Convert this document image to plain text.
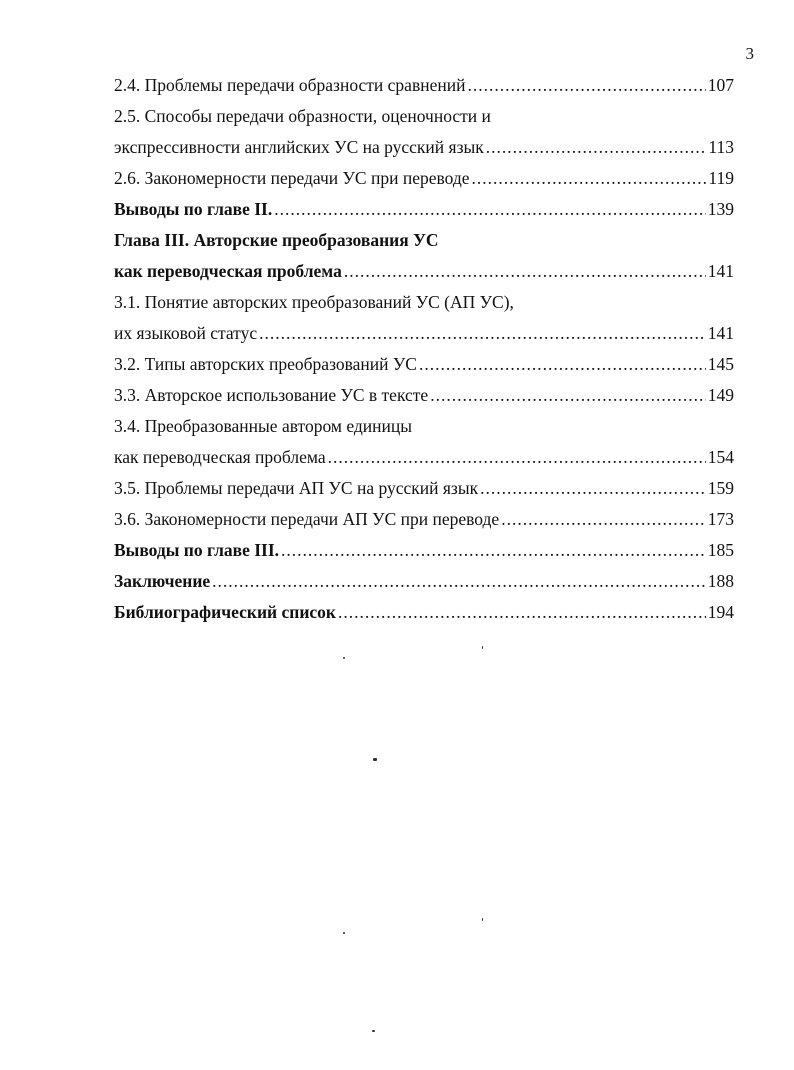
3
2.4. Проблемы передачи образности сравнений .....	107
2.5. Способы передачи образности, оценочности и
экспрессивности английских УС на русский язык .....	113
2.6. Закономерности передачи УС при переводе .....	119
Выводы по главе II. .....	139
Глава III. Авторские преобразования УС
как переводческая проблема .....	141
3.1. Понятие авторских преобразований УС (АП УС),
их языковой статус .....	141
3.2. Типы авторских преобразований УС .....	145
3.3. Авторское использование УС в тексте .....	149
3.4. Преобразованные автором единицы
как переводческая проблема .....	154
3.5. Проблемы передачи АП УС на русский язык .....	159
3.6. Закономерности передачи АП УС при переводе .....	173
Выводы по главе III. .....	185
Заключение .....	188
Библиографический список .....	194
